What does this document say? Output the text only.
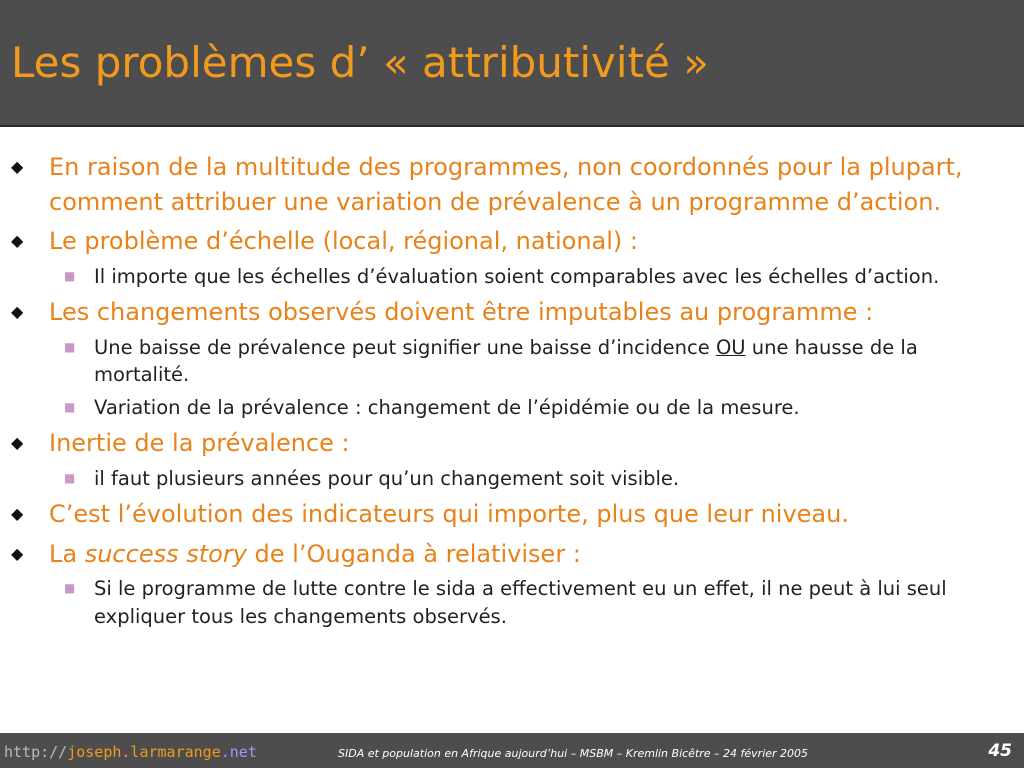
Les problèmes d’ « attributivité »
◆ En raison de la multitude des programmes, non coordonnés pour la plupart, comment attribuer une variation de prévalence à un programme d’action.
◆ Le problème d’échelle (local, régional, national) :
■ Il importe que les échelles d’évaluation soient comparables avec les échelles d’action.
◆ Les changements observés doivent être imputables au programme :
■ Une baisse de prévalence peut signifier une baisse d’incidence OU une hausse de la mortalité.
■ Variation de la prévalence : changement de l’épidémie ou de la mesure.
◆ Inertie de la prévalence :
■ il faut plusieurs années pour qu’un changement soit visible.
◆ C’est l’évolution des indicateurs qui importe, plus que leur niveau.
◆ La success story de l’Ouganda à relativiser :
■ Si le programme de lutte contre le sida a effectivement eu un effet, il ne peut à lui seul expliquer tous les changements observés.
http://joseph.larmarange.net	SIDA et population en Afrique aujourd’hui – MSBM – Kremlin Bicêtre – 24 février 2005	45
